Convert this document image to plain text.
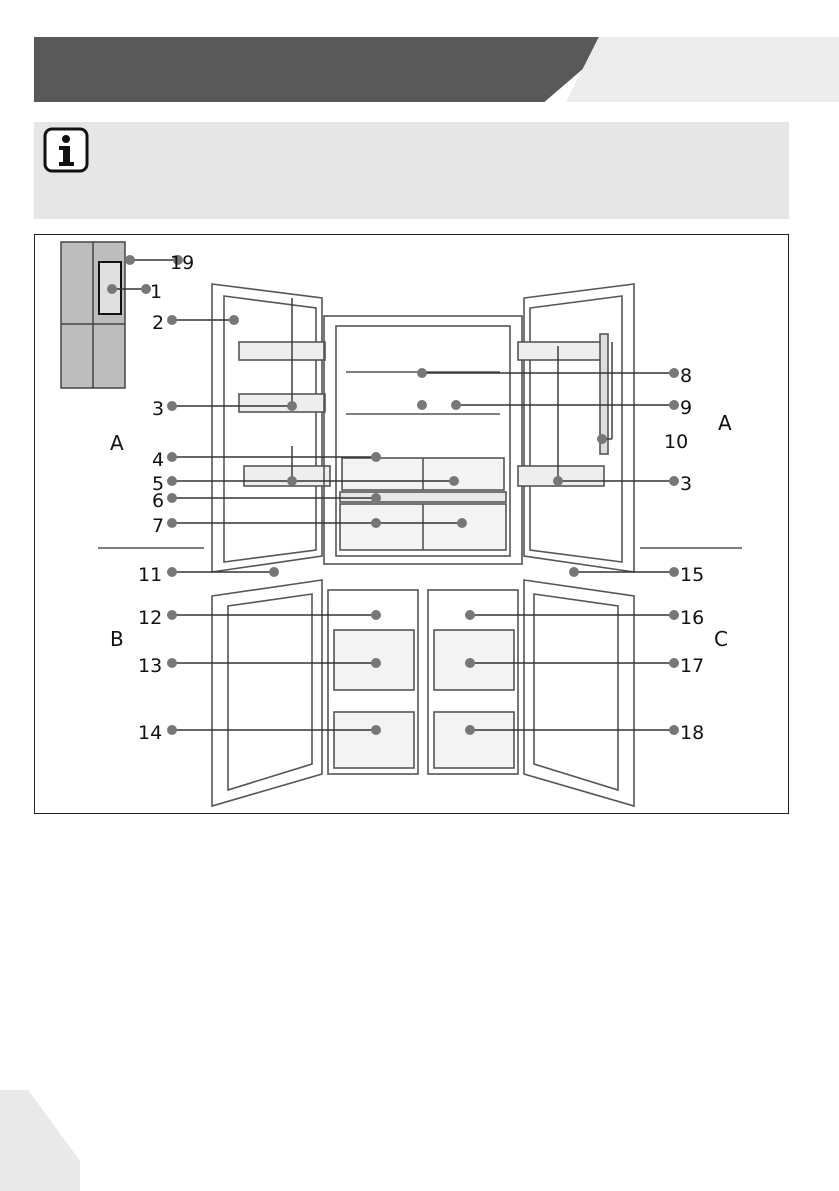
19
1
2
3
4
5
6
7
8
9
10
3
11	15
12	16
13	17
14	18
A
A
B	C
